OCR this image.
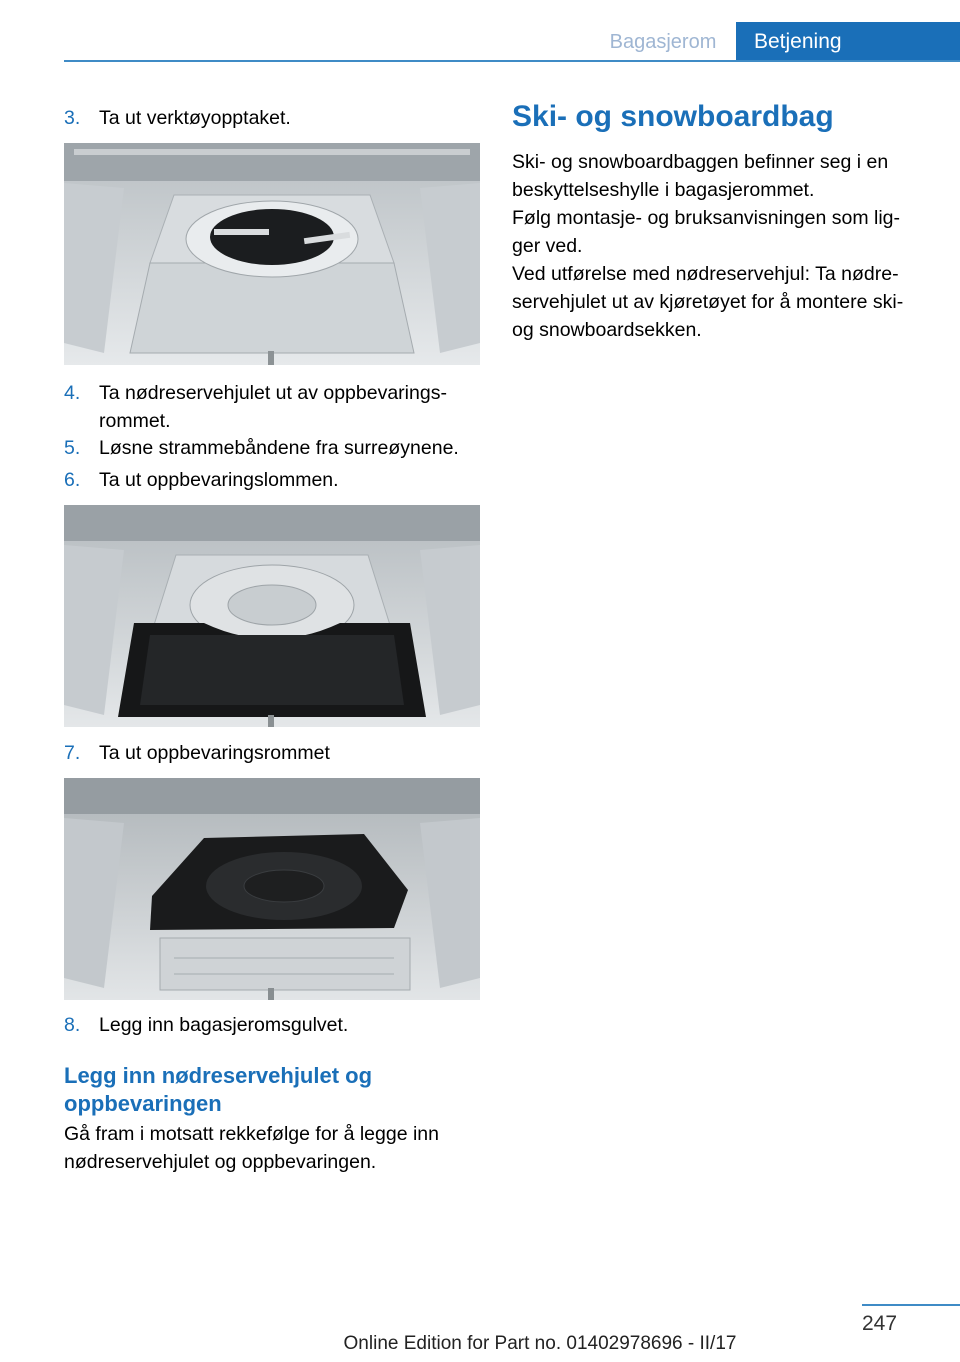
Bagasjerom	Betjening
3. Ta ut verktøyopptaket.
4. Ta nødreservehjulet ut av oppbevarings‐rommet.
5. Løsne strammebåndene fra surreøynene.
6. Ta ut oppbevaringslommen.
7. Ta ut oppbevaringsrommet
8. Legg inn bagasjeromsgulvet.
Legg inn nødreservehjulet og oppbevaringen
Gå fram i motsatt rekkefølge for å legge inn nødreservehjulet og oppbevaringen.
Ski- og snowboardbag
Ski- og snowboardbaggen befinner seg i en beskyttelseshylle i bagasjerommet.
Følg montasje- og bruksanvisningen som lig‐ger ved.
Ved utførelse med nødreservehjul: Ta nødre‐servehjulet ut av kjøretøyet for å montere ski- og snowboardsekken.
247
Online Edition for Part no. 01402978696 - II/17
